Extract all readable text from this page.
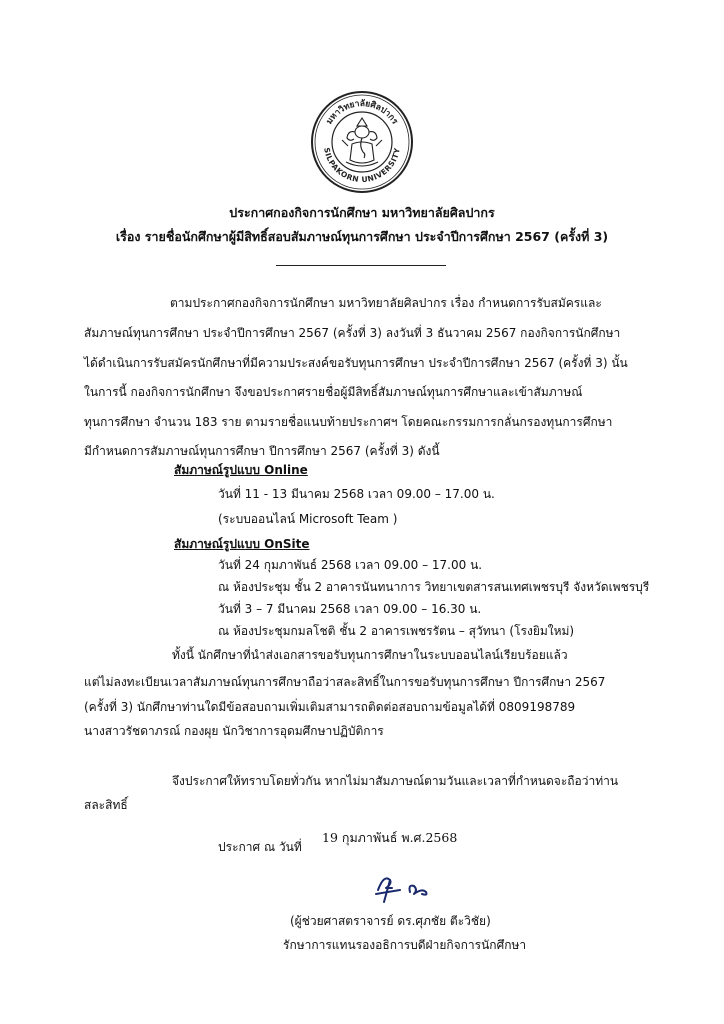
มหาวิทยาลัยศิลปากร
SILPAKORN UNIVERSITY
ประกาศกองกิจการนักศึกษา มหาวิทยาลัยศิลปากร
เรื่อง รายชื่อนักศึกษาผู้มีสิทธิ์สอบสัมภาษณ์ทุนการศึกษา ประจำปีการศึกษา 2567 (ครั้งที่ 3)
ตามประกาศกองกิจการนักศึกษา มหาวิทยาลัยศิลปากร เรื่อง กำหนดการรับสมัครและ
สัมภาษณ์ทุนการศึกษา ประจำปีการศึกษา 2567 (ครั้งที่ 3) ลงวันที่ 3 ธันวาคม 2567 กองกิจการนักศึกษา
ได้ดำเนินการรับสมัครนักศึกษาที่มีความประสงค์ขอรับทุนการศึกษา ประจำปีการศึกษา 2567 (ครั้งที่ 3) นั้น
ในการนี้ กองกิจการนักศึกษา จึงขอประกาศรายชื่อผู้มีสิทธิ์สัมภาษณ์ทุนการศึกษาและเข้าสัมภาษณ์
ทุนการศึกษา จำนวน 183 ราย ตามรายชื่อแนบท้ายประกาศฯ โดยคณะกรรมการกลั่นกรองทุนการศึกษา
มีกำหนดการสัมภาษณ์ทุนการศึกษา ปีการศึกษา 2567 (ครั้งที่ 3) ดังนี้
สัมภาษณ์รูปแบบ Online
วันที่ 11 - 13 มีนาคม 2568 เวลา 09.00 – 17.00 น.
(ระบบออนไลน์ Microsoft Team )
สัมภาษณ์รูปแบบ OnSite
วันที่ 24 กุมภาพันธ์ 2568 เวลา 09.00 – 17.00 น.
ณ ห้องประชุม ชั้น 2 อาคารนันทนาการ วิทยาเขตสารสนเทศเพชรบุรี จังหวัดเพชรบุรี
วันที่ 3 – 7 มีนาคม 2568 เวลา 09.00 – 16.30 น.
ณ ห้องประชุมกมลโชติ ชั้น 2 อาคารเพชรรัตน – สุวัทนา (โรงยิมใหม่)
ทั้งนี้ นักศึกษาที่นำส่งเอกสารขอรับทุนการศึกษาในระบบออนไลน์เรียบร้อยแล้ว
แต่ไม่ลงทะเบียนเวลาสัมภาษณ์ทุนการศึกษาถือว่าสละสิทธิ์ในการขอรับทุนการศึกษา ปีการศึกษา 2567
(ครั้งที่ 3) นักศึกษาท่านใดมีข้อสอบถามเพิ่มเติมสามารถติดต่อสอบถามข้อมูลได้ที่ 0809198789
นางสาวรัชดาภรณ์ กองผุย นักวิชาการอุดมศึกษาปฏิบัติการ
จึงประกาศให้ทราบโดยทั่วกัน หากไม่มาสัมภาษณ์ตามวันและเวลาที่กำหนดจะถือว่าท่าน
สละสิทธิ์
ประกาศ ณ วันที่
19 กุมภาพันธ์ พ.ศ.2568
(ผู้ช่วยศาสตราจารย์ ดร.ศุภชัย ตีะวิชัย)
รักษาการแทนรองอธิการบดีฝ่ายกิจการนักศึกษา
